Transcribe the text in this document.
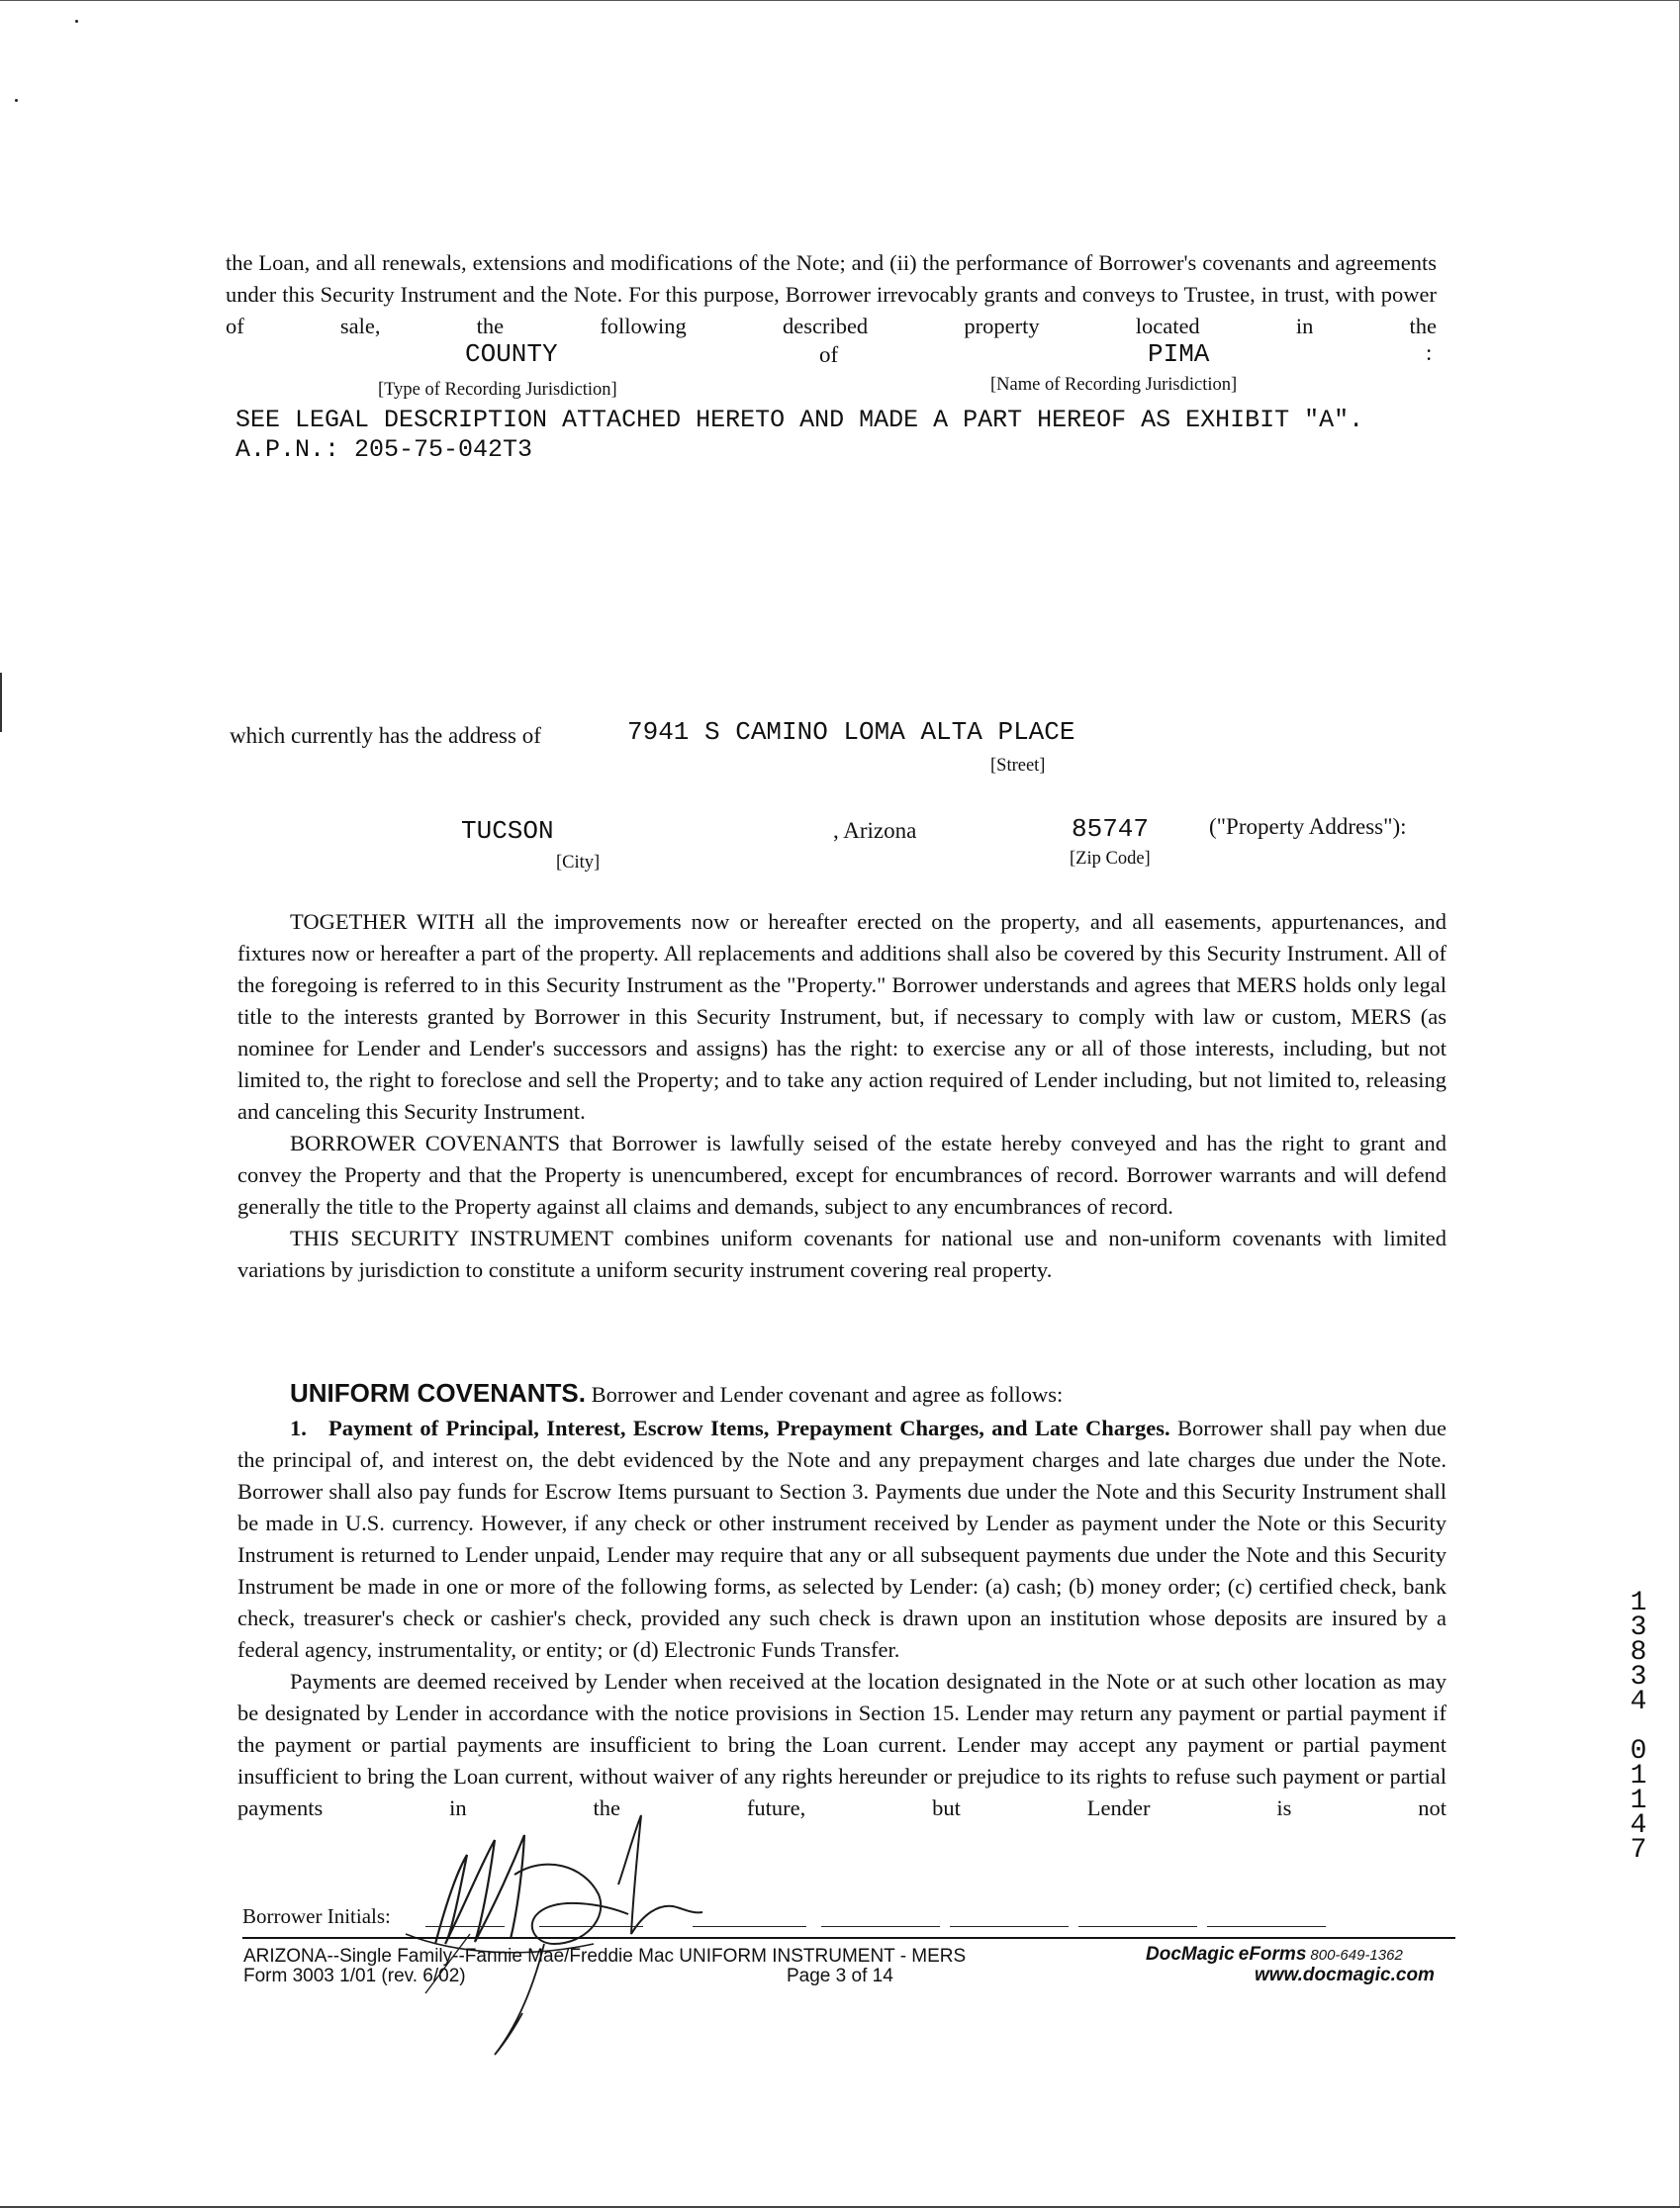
the Loan, and all renewals, extensions and modifications of the Note; and (ii) the performance of Borrower's covenants and agreements under this Security Instrument and the Note. For this purpose, Borrower irrevocably grants and conveys to Trustee, in trust, with power of sale, the following described property located in the
COUNTY	of	PIMA	:
[Type of Recording Jurisdiction]	[Name of Recording Jurisdiction]
SEE LEGAL DESCRIPTION ATTACHED HERETO AND MADE A PART HEREOF AS EXHIBIT "A".
A.P.N.: 205-75-042T3
which currently has the address of	7941 S CAMINO LOMA ALTA PLACE
[Street]
TUCSON
[City]
, Arizona	85747
[Zip Code]
("Property Address"):

TOGETHER WITH all the improvements now or hereafter erected on the property, and all easements, appurtenances, and fixtures now or hereafter a part of the property. All replacements and additions shall also be covered by this Security Instrument. All of the foregoing is referred to in this Security Instrument as the "Property." Borrower understands and agrees that MERS holds only legal title to the interests granted by Borrower in this Security Instrument, but, if necessary to comply with law or custom, MERS (as nominee for Lender and Lender's successors and assigns) has the right: to exercise any or all of those interests, including, but not limited to, the right to foreclose and sell the Property; and to take any action required of Lender including, but not limited to, releasing and canceling this Security Instrument.

BORROWER COVENANTS that Borrower is lawfully seised of the estate hereby conveyed and has the right to grant and convey the Property and that the Property is unencumbered, except for encumbrances of record. Borrower warrants and will defend generally the title to the Property against all claims and demands, subject to any encumbrances of record.

THIS SECURITY INSTRUMENT combines uniform covenants for national use and non-uniform covenants with limited variations by jurisdiction to constitute a uniform security instrument covering real property.

UNIFORM COVENANTS. Borrower and Lender covenant and agree as follows:

1. Payment of Principal, Interest, Escrow Items, Prepayment Charges, and Late Charges. Borrower shall pay when due the principal of, and interest on, the debt evidenced by the Note and any prepayment charges and late charges due under the Note. Borrower shall also pay funds for Escrow Items pursuant to Section 3. Payments due under the Note and this Security Instrument shall be made in U.S. currency. However, if any check or other instrument received by Lender as payment under the Note or this Security Instrument is returned to Lender unpaid, Lender may require that any or all subsequent payments due under the Note and this Security Instrument be made in one or more of the following forms, as selected by Lender: (a) cash; (b) money order; (c) certified check, bank check, treasurer's check or cashier's check, provided any such check is drawn upon an institution whose deposits are insured by a federal agency, instrumentality, or entity; or (d) Electronic Funds Transfer.

Payments are deemed received by Lender when received at the location designated in the Note or at such other location as may be designated by Lender in accordance with the notice provisions in Section 15. Lender may return any payment or partial payment if the payment or partial payments are insufficient to bring the Loan current. Lender may accept any payment or partial payment insufficient to bring the Loan current, without waiver of any rights hereunder or prejudice to its rights to refuse such payment or partial payments in the future, but Lender is not

Borrower Initials:
ARIZONA--Single Family--Fannie Mae/Freddie Mac UNIFORM INSTRUMENT - MERS
Form 3003 1/01 (rev. 6/02)	Page 3 of 14
DocMagic eForms 800-649-1362
www.docmagic.com
1
3
8
3
4
0
1
1
4
7
